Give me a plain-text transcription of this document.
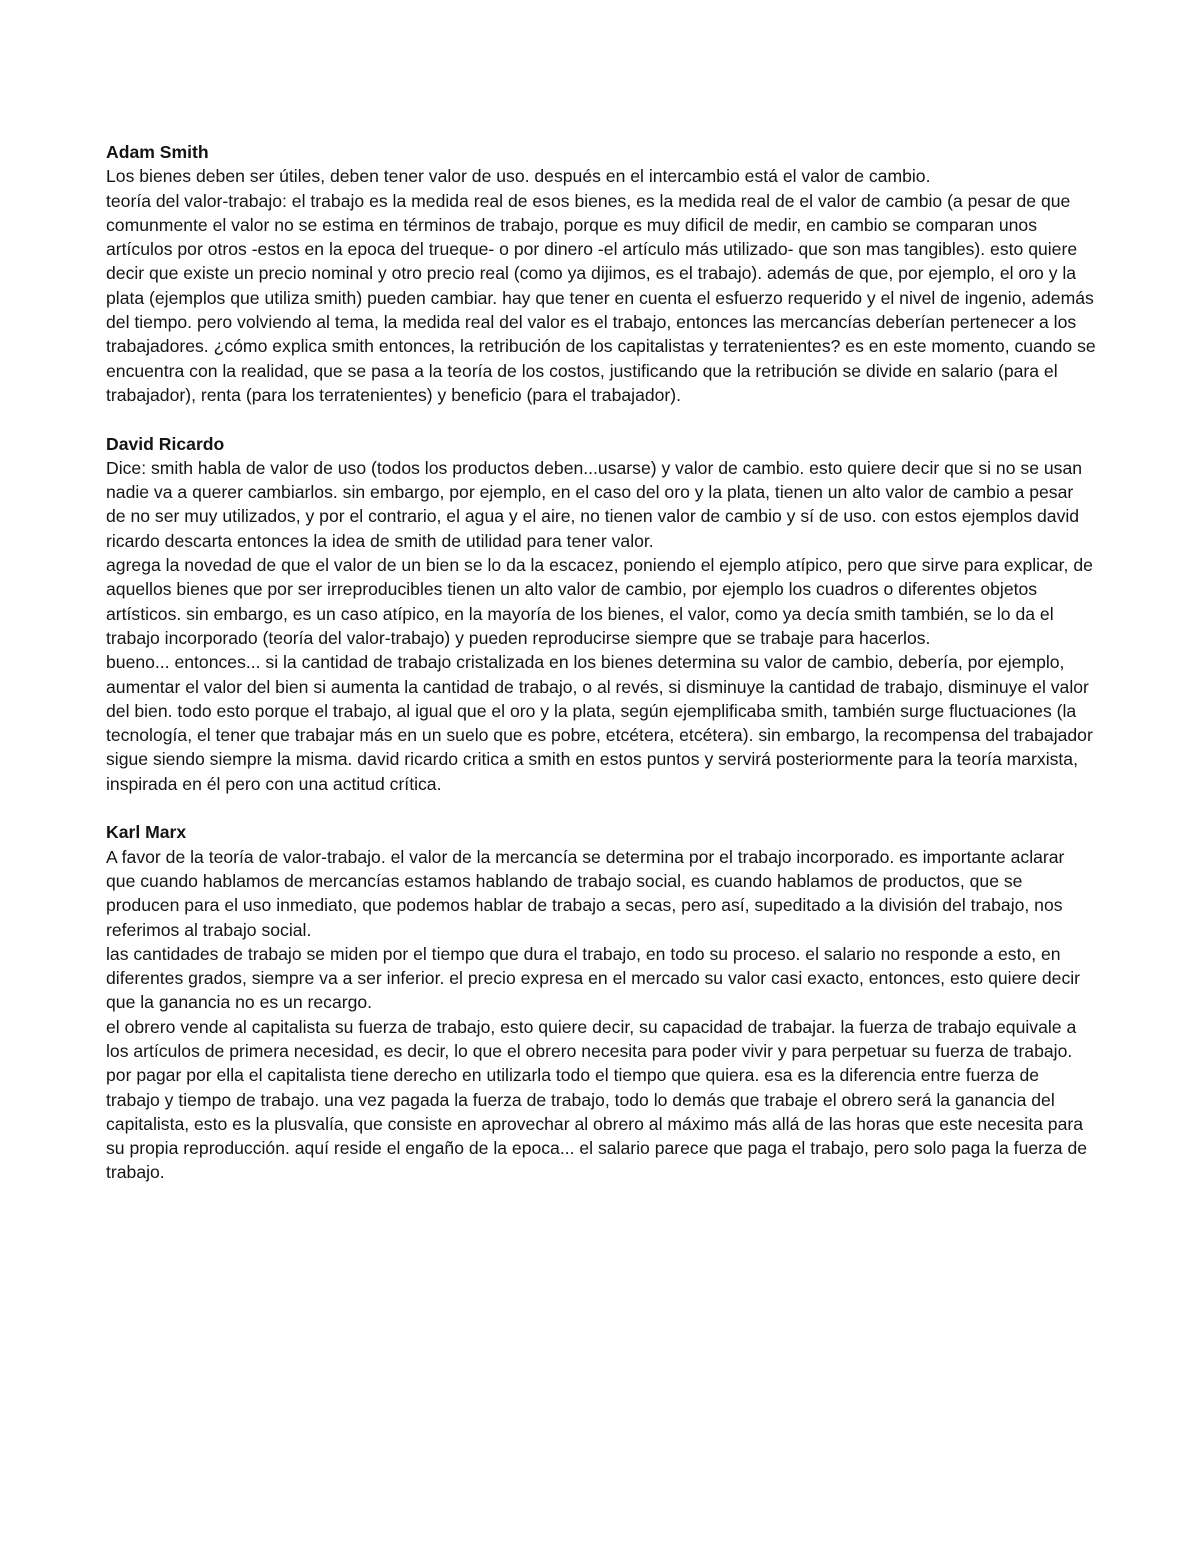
Adam Smith

Los bienes deben ser útiles, deben tener valor de uso. después en el intercambio está el valor de cambio.

teoría del valor-trabajo: el trabajo es la medida real de esos bienes, es la medida real de el valor de cambio (a pesar de que comunmente el valor no se estima en términos de trabajo, porque es muy dificil de medir, en cambio se comparan unos artículos por otros -estos en la epoca del trueque- o por dinero -el artículo más utilizado- que son mas tangibles). esto quiere decir que existe un precio nominal y otro precio real (como ya dijimos, es el trabajo). además de que, por ejemplo, el oro y la plata (ejemplos que utiliza smith) pueden cambiar. hay que tener en cuenta el esfuerzo requerido y el nivel de ingenio, además del tiempo. pero volviendo al tema, la medida real del valor es el trabajo, entonces las mercancías deberían pertenecer a los trabajadores. ¿cómo explica smith entonces, la retribución de los capitalistas y terratenientes? es en este momento, cuando se encuentra con la realidad, que se pasa a la teoría de los costos, justificando que la retribución se divide en salario (para el trabajador), renta (para los terratenientes) y beneficio (para el trabajador).

David Ricardo

Dice: smith habla de valor de uso (todos los productos deben...usarse) y valor de cambio. esto quiere decir que si no se usan nadie va a querer cambiarlos. sin embargo, por ejemplo, en el caso del oro y la plata, tienen un alto valor de cambio a pesar de no ser muy utilizados, y por el contrario, el agua y el aire, no tienen valor de cambio y sí de uso. con estos ejemplos david ricardo descarta entonces la idea de smith de utilidad para tener valor.

agrega la novedad de que el valor de un bien se lo da la escacez, poniendo el ejemplo atípico, pero que sirve para explicar, de aquellos bienes que por ser irreproducibles tienen un alto valor de cambio, por ejemplo los cuadros o diferentes objetos artísticos. sin embargo, es un caso atípico, en la mayoría de los bienes, el valor, como ya decía smith también, se lo da el trabajo incorporado (teoría del valor-trabajo) y pueden reproducirse siempre que se trabaje para hacerlos.

bueno... entonces... si la cantidad de trabajo cristalizada en los bienes determina su valor de cambio, debería, por ejemplo, aumentar el valor del bien si aumenta la cantidad de trabajo, o al revés, si disminuye la cantidad de trabajo, disminuye el valor del bien. todo esto porque el trabajo, al igual que el oro y la plata, según ejemplificaba smith, también surge fluctuaciones (la tecnología, el tener que trabajar más en un suelo que es pobre, etcétera, etcétera). sin embargo, la recompensa del trabajador sigue siendo siempre la misma. david ricardo critica a smith en estos puntos y servirá posteriormente para la teoría marxista, inspirada en él pero con una actitud crítica.

Karl Marx

A favor de la teoría de valor-trabajo. el valor de la mercancía se determina por el trabajo incorporado. es importante aclarar que cuando hablamos de mercancías estamos hablando de trabajo social, es cuando hablamos de productos, que se producen para el uso inmediato, que podemos hablar de trabajo a secas, pero así, supeditado a la división del trabajo, nos referimos al trabajo social.

las cantidades de trabajo se miden por el tiempo que dura el trabajo, en todo su proceso. el salario no responde a esto, en diferentes grados, siempre va a ser inferior. el precio expresa en el mercado su valor casi exacto, entonces, esto quiere decir que la ganancia no es un recargo.

el obrero vende al capitalista su fuerza de trabajo, esto quiere decir, su capacidad de trabajar. la fuerza de trabajo equivale a los artículos de primera necesidad, es decir, lo que el obrero necesita para poder vivir y para perpetuar su fuerza de trabajo. por pagar por ella el capitalista tiene derecho en utilizarla todo el tiempo que quiera. esa es la diferencia entre fuerza de trabajo y tiempo de trabajo. una vez pagada la fuerza de trabajo, todo lo demás que trabaje el obrero será la ganancia del capitalista, esto es la plusvalía, que consiste en aprovechar al obrero al máximo más allá de las horas que este necesita para su propia reproducción. aquí reside el engaño de la epoca... el salario parece que paga el trabajo, pero solo paga la fuerza de trabajo.
